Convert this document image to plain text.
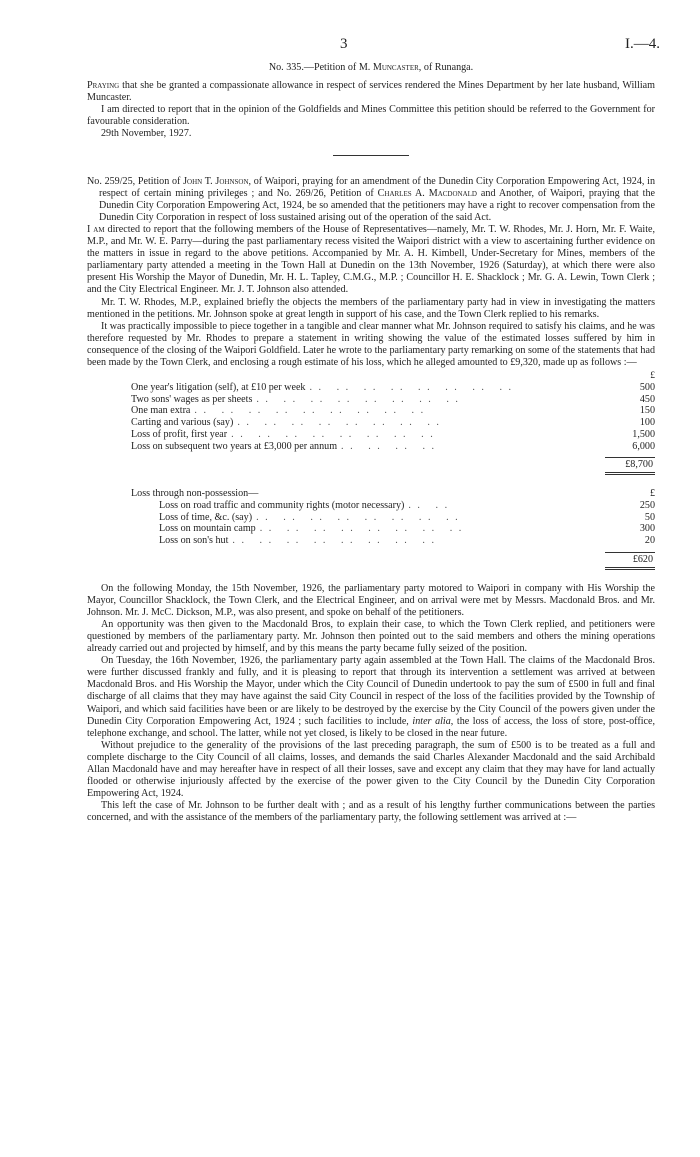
3	I.—4.

No. 335.—Petition of M. Muncaster, of Runanga.

Praying that she be granted a compassionate allowance in respect of services rendered the Mines Department by her late husband, William Muncaster.

I am directed to report that in the opinion of the Goldfields and Mines Committee this petition should be referred to the Government for favourable consideration.

29th November, 1927.

No. 259/25, Petition of John T. Johnson, of Waipori, praying for an amendment of the Dunedin City Corporation Empowering Act, 1924, in respect of certain mining privileges ; and No. 269/26, Petition of Charles A. Macdonald and Another, of Waipori, praying that the Dunedin City Corporation Empowering Act, 1924, be so amended that the petitioners may have a right to recover compensation from the Dunedin City Corporation in respect of loss sustained arising out of the operation of the said Act.

I am directed to report that the following members of the House of Representatives—namely, Mr. T. W. Rhodes, Mr. J. Horn, Mr. F. Waite, M.P., and Mr. W. E. Parry—during the past parliamentary recess visited the Waipori district with a view to ascertaining further evidence on the matters in issue in regard to the above petitions. Accompanied by Mr. A. H. Kimbell, Under-Secretary for Mines, members of the parliamentary party attended a meeting in the Town Hall at Dunedin on the 13th November, 1926 (Saturday), at which there were also present His Worship the Mayor of Dunedin, Mr. H. L. Tapley, C.M.G., M.P. ; Councillor H. E. Shacklock ; Mr. G. A. Lewin, Town Clerk ; and the City Electrical Engineer. Mr. J. T. Johnson also attended.

Mr. T. W. Rhodes, M.P., explained briefly the objects the members of the parliamentary party had in view in investigating the matters mentioned in the petitions. Mr. Johnson spoke at great length in support of his case, and the Town Clerk replied to his remarks.

It was practically impossible to piece together in a tangible and clear manner what Mr. Johnson required to satisfy his claims, and he was therefore requested by Mr. Rhodes to prepare a statement in writing showing the value of the estimated losses suffered by him in consequence of the closing of the Waipori Goldfield. Later he wrote to the parliamentary party remarking on some of the statements that had been made by the Town Clerk, and enclosing a rough estimate of his loss, which he alleged amounted to £9,320, made up as follows :—

£
One year's litigation (self), at £10 per week . .   . .   . .   . .   . .   . .   . .   . .	500
Two sons' wages as per sheets . .   . .   . .   . .   . .   . .   . .   . .	450
One man extra . .   . .   . .   . .   . .   . .   . .   . .   . .	150
Carting and various (say) . .   . .   . .   . .   . .   . .   . .   . .	100
Loss of profit, first year . .   . .   . .   . .   . .   . .   . .   . .	1,500
Loss on subsequent two years at £3,000 per annum . .   . .   . .   . .	6,000
£8,700
Loss through non-possession—	£
Loss on road traffic and community rights (motor necessary) . .   . .	250
Loss of time, &c. (say) . .   . .   . .   . .   . .   . .   . .   . .	50
Loss on mountain camp . .   . .   . .   . .   . .   . .   . .   . .	300
Loss on son's hut . .   . .   . .   . .   . .   . .   . .   . .	20
£620

On the following Monday, the 15th November, 1926, the parliamentary party motored to Waipori in company with His Worship the Mayor, Councillor Shacklock, the Town Clerk, and the Electrical Engineer, and on arrival were met by Messrs. Macdonald Bros. and Mr. Johnson. Mr. J. McC. Dickson, M.P., was also present, and spoke on behalf of the petitioners.

An opportunity was then given to the Macdonald Bros, to explain their case, to which the Town Clerk replied, and petitioners were questioned by members of the parliamentary party. Mr. Johnson then pointed out to the said members and others the mining operations already carried out and projected by himself, and by this means the party became fully seized of the position.

On Tuesday, the 16th November, 1926, the parliamentary party again assembled at the Town Hall. The claims of the Macdonald Bros. were further discussed frankly and fully, and it is pleasing to report that through its intervention a settlement was arrived at between Macdonald Bros. and His Worship the Mayor, under which the City Council of Dunedin undertook to pay the sum of £500 in full and final discharge of all claims that they may have against the said City Council in respect of the loss of the facilities provided by the Township of Waipori, and which said facilities have been or are likely to be destroyed by the exercise by the City Council of the powers given under the Dunedin City Corporation Empowering Act, 1924 ; such facilities to include, inter alia, the loss of access, the loss of store, post-office, telephone exchange, and school. The latter, while not yet closed, is likely to be closed in the near future.

Without prejudice to the generality of the provisions of the last preceding paragraph, the sum of £500 is to be treated as a full and complete discharge to the City Council of all claims, losses, and demands the said Charles Alexander Macdonald and the said Archibald Allan Macdonald have and may hereafter have in respect of all their losses, save and except any claim that they may have for land actually flooded or otherwise injuriously affected by the exercise of the power given to the City Council by the Dunedin City Corporation Empowering Act, 1924.

This left the case of Mr. Johnson to be further dealt with ; and as a result of his lengthy further communications between the parties concerned, and with the assistance of the members of the parliamentary party, the following settlement was arrived at :—
